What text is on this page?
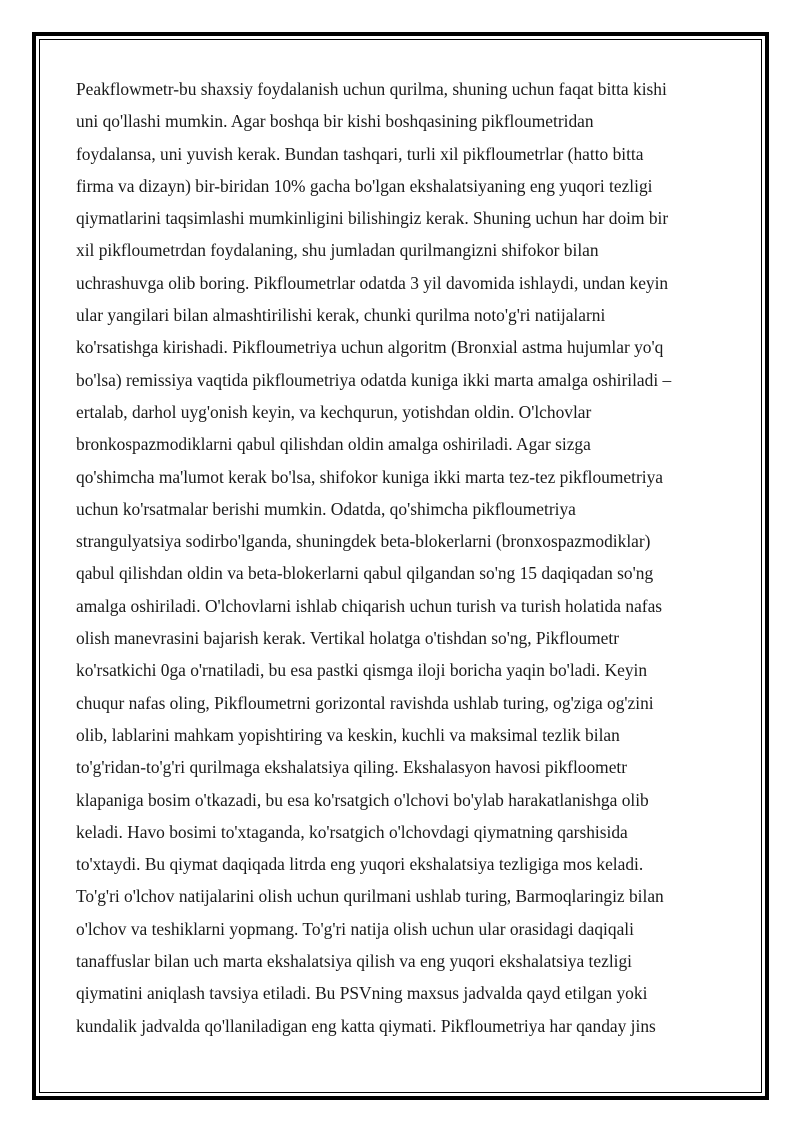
Peakflowmetr-bu shaxsiy foydalanish uchun qurilma, shuning uchun faqat bitta kishi
uni qo'llashi mumkin. Agar boshqa bir kishi boshqasining pikfloumetridan
foydalansa, uni yuvish kerak. Bundan tashqari, turli xil pikfloumetrlar (hatto bitta
firma va dizayn) bir-biridan 10% gacha bo'lgan ekshalatsiyaning eng yuqori tezligi
qiymatlarini taqsimlashi mumkinligini bilishingiz kerak. Shuning uchun har doim bir
xil pikfloumetrdan foydalaning, shu jumladan qurilmangizni shifokor bilan
uchrashuvga olib boring. Pikfloumetrlar odatda 3 yil davomida ishlaydi, undan keyin
ular yangilari bilan almashtirilishi kerak, chunki qurilma noto'g'ri natijalarni
ko'rsatishga kirishadi. Pikfloumetriya uchun algoritm (Bronxial astma hujumlar yo'q
bo'lsa) remissiya vaqtida pikfloumetriya odatda kuniga ikki marta amalga oshiriladi –
ertalab, darhol uyg'onish keyin, va kechqurun, yotishdan oldin. O'lchovlar
bronkospazmodiklarni qabul qilishdan oldin amalga oshiriladi. Agar sizga
qo'shimcha ma'lumot kerak bo'lsa, shifokor kuniga ikki marta tez-tez pikfloumetriya
uchun ko'rsatmalar berishi mumkin. Odatda, qo'shimcha pikfloumetriya
strangulyatsiya sodirbo'lganda, shuningdek beta-blokerlarni (bronxospazmodiklar)
qabul qilishdan oldin va beta-blokerlarni qabul qilgandan so'ng 15 daqiqadan so'ng
amalga oshiriladi. O'lchovlarni ishlab chiqarish uchun turish va turish holatida nafas
olish manevrasini bajarish kerak. Vertikal holatga o'tishdan so'ng, Pikfloumetr
ko'rsatkichi 0ga o'rnatiladi, bu esa pastki qismga iloji boricha yaqin bo'ladi. Keyin
chuqur nafas oling, Pikfloumetrni gorizontal ravishda ushlab turing, og'ziga og'zini
olib, lablarini mahkam yopishtiring va keskin, kuchli va maksimal tezlik bilan
to'g'ridan-to'g'ri qurilmaga ekshalatsiya qiling. Ekshalasyon havosi pikfloometr
klapaniga bosim o'tkazadi, bu esa ko'rsatgich o'lchovi bo'ylab harakatlanishga olib
keladi. Havo bosimi to'xtaganda, ko'rsatgich o'lchovdagi qiymatning qarshisida
to'xtaydi. Bu qiymat daqiqada litrda eng yuqori ekshalatsiya tezligiga mos keladi.
To'g'ri o'lchov natijalarini olish uchun qurilmani ushlab turing, Barmoqlaringiz bilan
o'lchov va teshiklarni yopmang. To'g'ri natija olish uchun ular orasidagi daqiqali
tanaffuslar bilan uch marta ekshalatsiya qilish va eng yuqori ekshalatsiya tezligi
qiymatini aniqlash tavsiya etiladi. Bu PSVning maxsus jadvalda qayd etilgan yoki
kundalik jadvalda qo'llaniladigan eng katta qiymati. Pikfloumetriya har qanday jins
